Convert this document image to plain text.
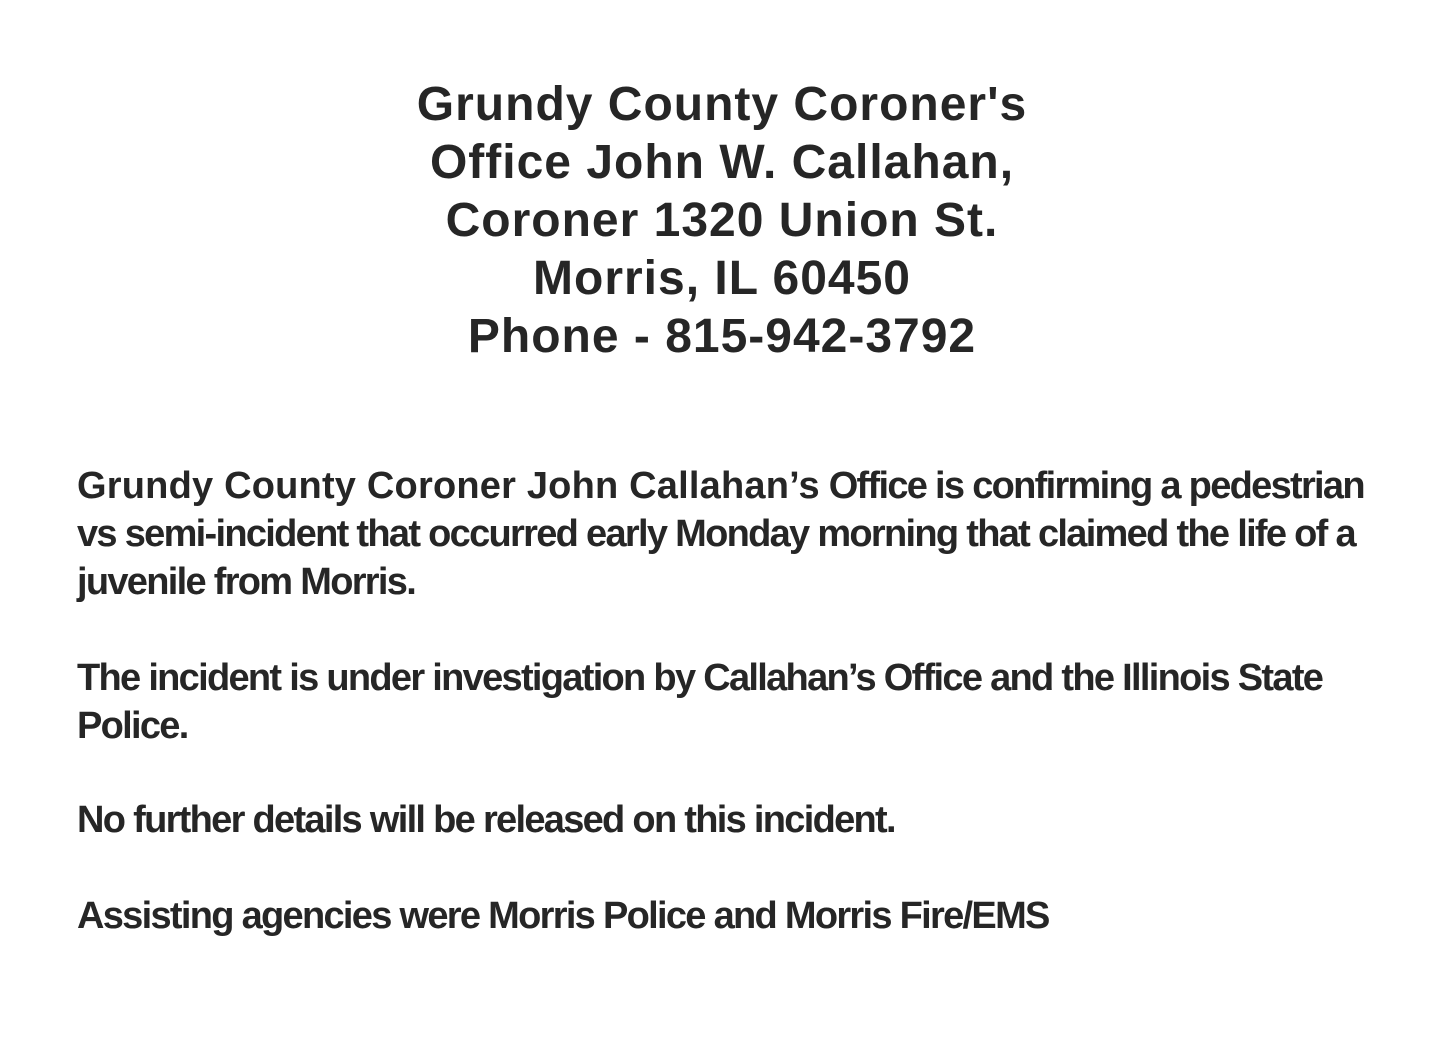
Grundy County Coroner's
Office John W. Callahan,
Coroner 1320 Union St.
Morris, IL 60450
Phone - 815-942-3792

Grundy County Coroner John Callahan’s Office is confirming a pedestrian vs semi-incident that occurred early Monday morning that claimed the life of a juvenile from Morris.

The incident is under investigation by Callahan’s Office and the Illinois State Police.

No further details will be released on this incident.

Assisting agencies were Morris Police and Morris Fire/EMS
